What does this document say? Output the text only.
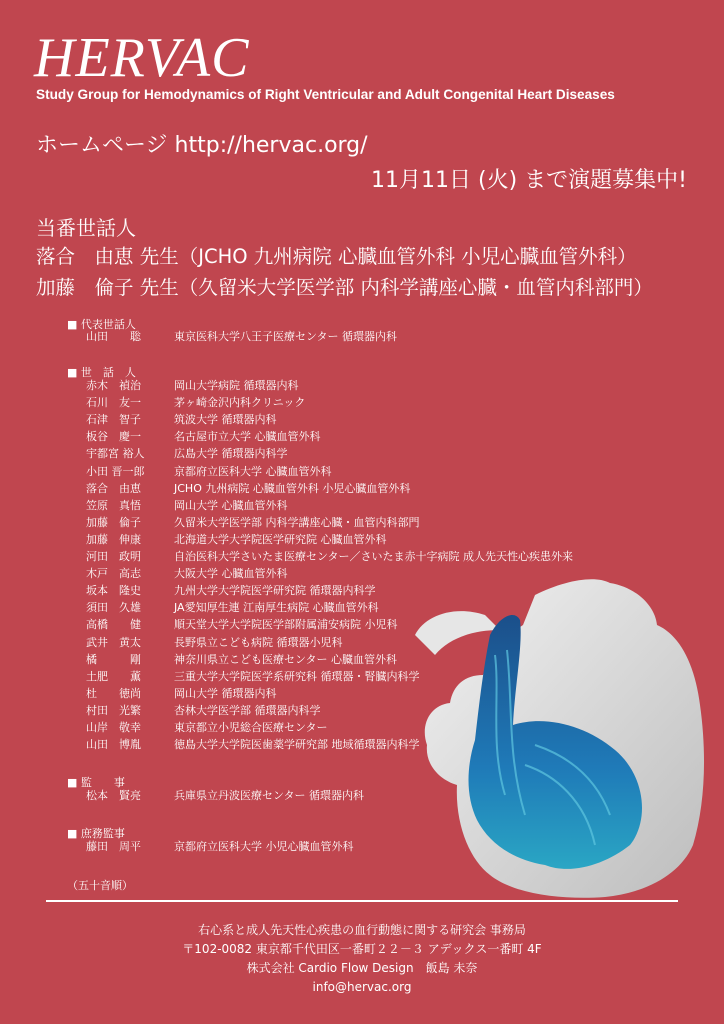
HERVAC
Study Group for Hemodynamics of Right Ventricular and Adult Congenital Heart Diseases
ホームページ http://hervac.org/
11月11日 (火) まで演題募集中!
当番世話人
落合　由恵 先生（JCHO 九州病院 心臓血管外科 小児心臓血管外科）
加藤　倫子 先生（久留米大学医学部 内科学講座心臓・血管内科部門）
■ 代表世話人
山田　　聡	東京医科大学八王子医療センター 循環器内科
■ 世　話　人
赤木　禎治	岡山大学病院 循環器内科
石川　友一	茅ヶ崎金沢内科クリニック
石津　智子	筑波大学 循環器内科
板谷　慶一	名古屋市立大学 心臓血管外科
宇都宮 裕人	広島大学 循環器内科学
小田 晋一郎	京都府立医科大学 心臓血管外科
落合　由恵	JCHO 九州病院 心臓血管外科 小児心臓血管外科
笠原　真悟	岡山大学 心臓血管外科
加藤　倫子	久留米大学医学部 内科学講座心臓・血管内科部門
加藤　伸康	北海道大学大学院医学研究院 心臓血管外科
河田　政明	自治医科大学さいたま医療センター／さいたま赤十字病院 成人先天性心疾患外来
木戸　高志	大阪大学 心臓血管外科
坂本　隆史	九州大学大学院医学研究院 循環器内科学
須田　久雄	JA愛知厚生連 江南厚生病院 心臓血管外科
高橋　　健	順天堂大学大学院医学部附属浦安病院 小児科
武井　黄太	長野県立こども病院 循環器小児科
橘　　　剛	神奈川県立こども医療センター 心臓血管外科
土肥　　薫	三重大学大学院医学系研究科 循環器・腎臓内科学
杜　　徳尚	岡山大学 循環器内科
村田　光繁	杏林大学医学部 循環器内科学
山岸　敬幸	東京都立小児総合医療センター
山田　博胤	徳島大学大学院医歯薬学研究部 地域循環器内科学
■ 監　　事
松本　賢亮	兵庫県立丹波医療センター 循環器内科
■ 庶務監事
藤田　周平	京都府立医科大学 小児心臓血管外科
（五十音順）
右心系と成人先天性心疾患の血行動態に関する研究会 事務局
〒102-0082 東京都千代田区一番町２２－３ アデックス一番町 4F
株式会社 Cardio Flow Design　飯島 未奈
info@hervac.org
